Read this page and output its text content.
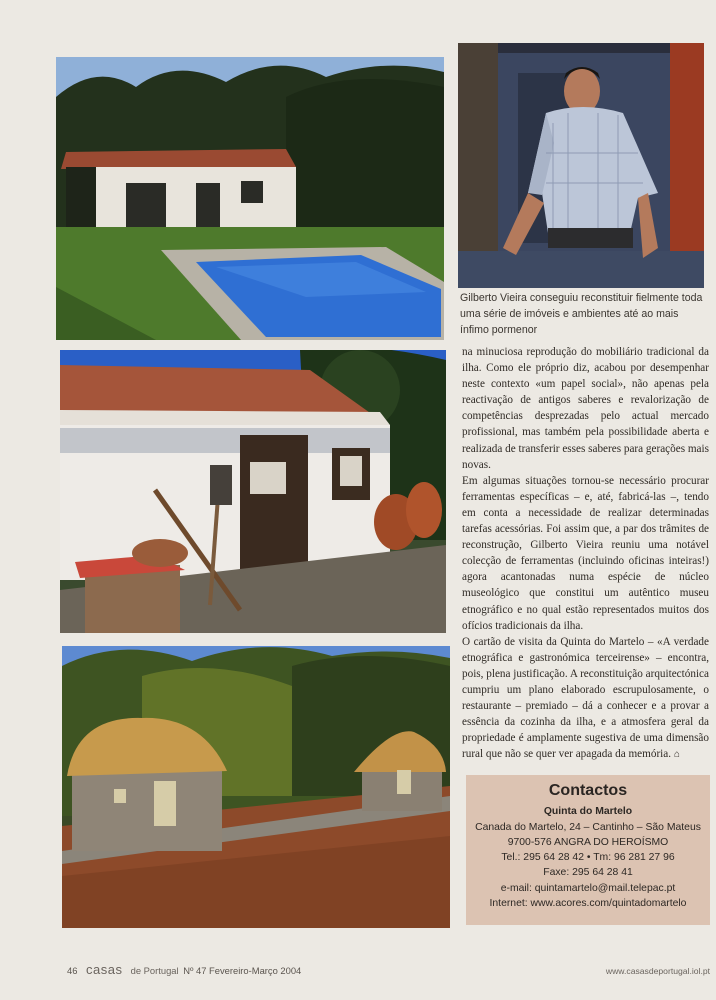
Gilberto Vieira conseguiu reconstituir fielmente toda uma série de imóveis e ambientes até ao mais ínfimo pormenor

na minuciosa reprodução do mobiliário tradicional da ilha. Como ele próprio diz, acabou por desempenhar neste contexto «um papel social», não apenas pela reactivação de antigos saberes e revalorização de competências desprezadas pelo actual mercado profissional, mas também pela possibilidade aberta e realizada de transferir esses saberes para gerações mais novas.

Em algumas situações tornou-se necessário procurar ferramentas específicas – e, até, fabricá-las –, tendo em conta a necessidade de realizar determinadas tarefas acessórias. Foi assim que, a par dos trâmites de reconstrução, Gilberto Vieira reuniu uma notável colecção de ferramentas (incluindo oficinas inteiras!) agora acantonadas numa espécie de núcleo museológico que constitui um autêntico museu etnográfico e no qual estão representados muitos dos ofícios tradicionais da ilha.

O cartão de visita da Quinta do Martelo – «A verdade etnográfica e gastronómica terceirense» – encontra, pois, plena justificação. A reconstituição arquitectónica cumpriu um plano elaborado escrupulosamente, o restaurante – premiado – dá a conhecer e a provar a essência da cozinha da ilha, e a atmosfera geral da propriedade é amplamente sugestiva de uma dimensão rural que não se quer ver apagada da memória. ⌂

Contactos
Quinta do Martelo
Canada do Martelo, 24 – Cantinho – São Mateus
9700-576 ANGRA DO HEROÍSMO
Tel.: 295 64 28 42 • Tm: 96 281 27 96
Faxe: 295 64 28 41
e-mail: quintamartelo@mail.telepac.pt
Internet: www.acores.com/quintadomartelo
46 casas de Portugal Nº 47 Fevereiro-Março 2004	www.casasdeportugal.iol.pt
